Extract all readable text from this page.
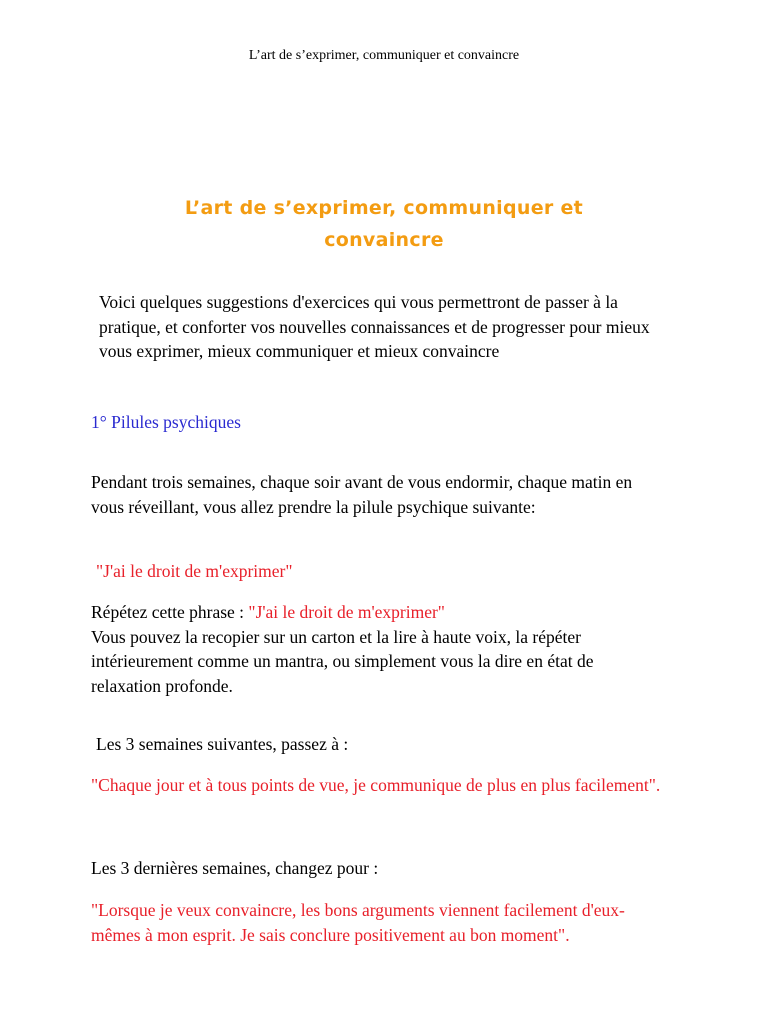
L’art de s’exprimer, communiquer et convaincre
L’art de s’exprimer, communiquer et
convaincre

Voici quelques suggestions d'exercices qui vous permettront de passer à la pratique, et conforter vos nouvelles connaissances et de progresser pour mieux vous exprimer, mieux communiquer et mieux convaincre

1° Pilules psychiques

Pendant trois semaines, chaque soir avant de vous endormir, chaque matin en vous réveillant, vous allez prendre la pilule psychique suivante:

"J'ai le droit de m'exprimer"

Répétez cette phrase : "J'ai le droit de m'exprimer"
Vous pouvez la recopier sur un carton et la lire à haute voix, la répéter intérieurement comme un mantra, ou simplement vous la dire en état de relaxation profonde.

Les 3 semaines suivantes, passez à :

"Chaque jour et à tous points de vue, je communique de plus en plus facilement".

Les 3 dernières semaines, changez pour :

"Lorsque je veux convaincre, les bons arguments viennent facilement d'eux-mêmes à mon esprit. Je sais conclure positivement au bon moment".
